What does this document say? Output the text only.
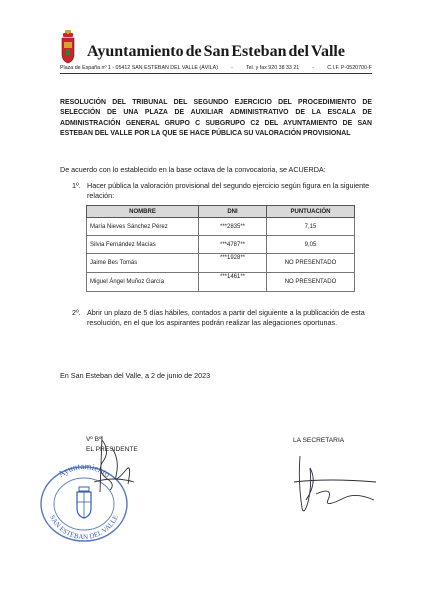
Ayuntamiento de San Esteban del Valle
Plaza de España nº 1 - 05412 SAN ESTEBAN DEL VALLE (ÁVILA) - Tel. y fax 920 38 33 21 - C.I.F. P-0520700-F
RESOLUCIÓN DEL TRIBUNAL DEL SEGUNDO EJERCICIO DEL PROCEDIMIENTO DE SELECCIÓN DE UNA PLAZA DE AUXILIAR ADMINISTRATIVO DE LA ESCALA DE ADMINISTRACIÓN GENERAL GRUPO C SUBGRUPO C2 DEL AYUNTAMIENTO DE SAN ESTEBAN DEL VALLE POR LA QUE SE HACE PÚBLICA SU VALORACIÓN PROVISIONAL
De acuerdo con lo establecido en la base octava de la convocatoria, se ACUERDA:
1º. Hacer pública la valoración provisional del segundo ejercicio según figura en la siguiente relación:
NOMBRE	DNI	PUNTUACIÓN
María Nieves Sánchez Pérez	***2835**	7,15
Silvia Fernández Macías	***4787**	9,05
Jaime Bes Tomás	***1928**	NO PRESENTADO
Miguel Ángel Muñoz García	***1461**	NO PRESENTADO
2º. Abrir un plazo de 5 días hábiles, contados a partir del siguiente a la publicación de esta resolución, en el que los aspirantes podrán realizar las alegaciones oportunas.
En San Esteban del Valle, a 2 de junio de 2023
Vº Bº
EL PRESIDENTE
LA SECRETARIA
Ayuntamiento
SAN ESTEBAN DEL VALLE
